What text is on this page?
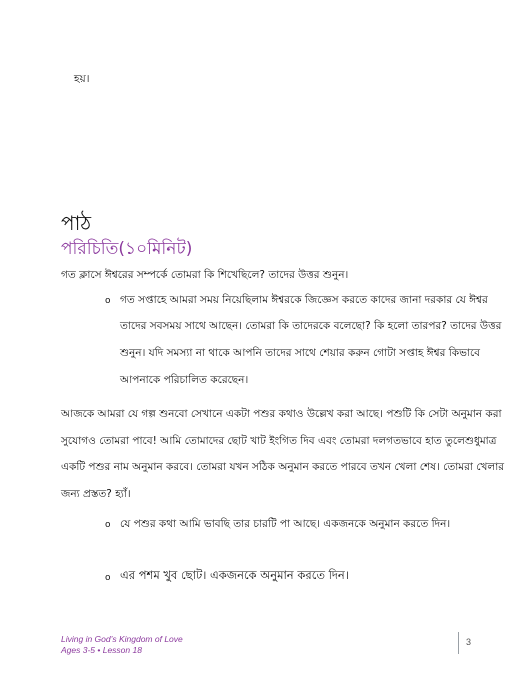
হয়।
পাঠ
পরিচিতি(১০মিনিট)
গত ক্লাসে ঈশ্বরের সম্পর্কে তোমরা কি শিখেছিলে? তাদের উত্তর শুনুন।
o গত সপ্তাহে আমরা সময় নিয়েছিলাম ঈশ্বরকে জিজ্ঞেস করতে কাদের জানা দরকার যে ঈশ্বর
তাদের সবসময় সাথে আছেন। তোমরা কি তাদেরকে বলেছো? কি হলো তারপর? তাদের উত্তর
শুনুন। যদি সমস্যা না থাকে আপনি তাদের সাথে শেয়ার করুন গোটা সপ্তাহ ঈশ্বর কিভাবে
আপনাকে পরিচালিত করেছেন।
আজকে আমরা যে গল্প শুনবো সেখানে একটা পশুর কথাও উল্লেখ করা আছে। পশুটি কি সেটা অনুমান করা
সুযোগও তোমরা পাবে! আমি তোমাদের ছোট খাট ইংগিত দিব এবং তোমরা দলগতভাবে হাত তুলেশুধুমাত্র
একটি পশুর নাম অনুমান করবে। তোমরা যখন সঠিক অনুমান করতে পারবে তখন খেলা শেষ। তোমরা খেলার
জন্য প্রস্তত? হ্যাঁ।
o যে পশুর কথা আমি ভাবছি তার চারটি পা আছে। একজনকে অনুমান করতে দিন।
o এর পশম খুব ছোট। একজনকে অনুমান করতে দিন।
Living in God’s Kingdom of Love
Ages 3-5 • Lesson 18
3
